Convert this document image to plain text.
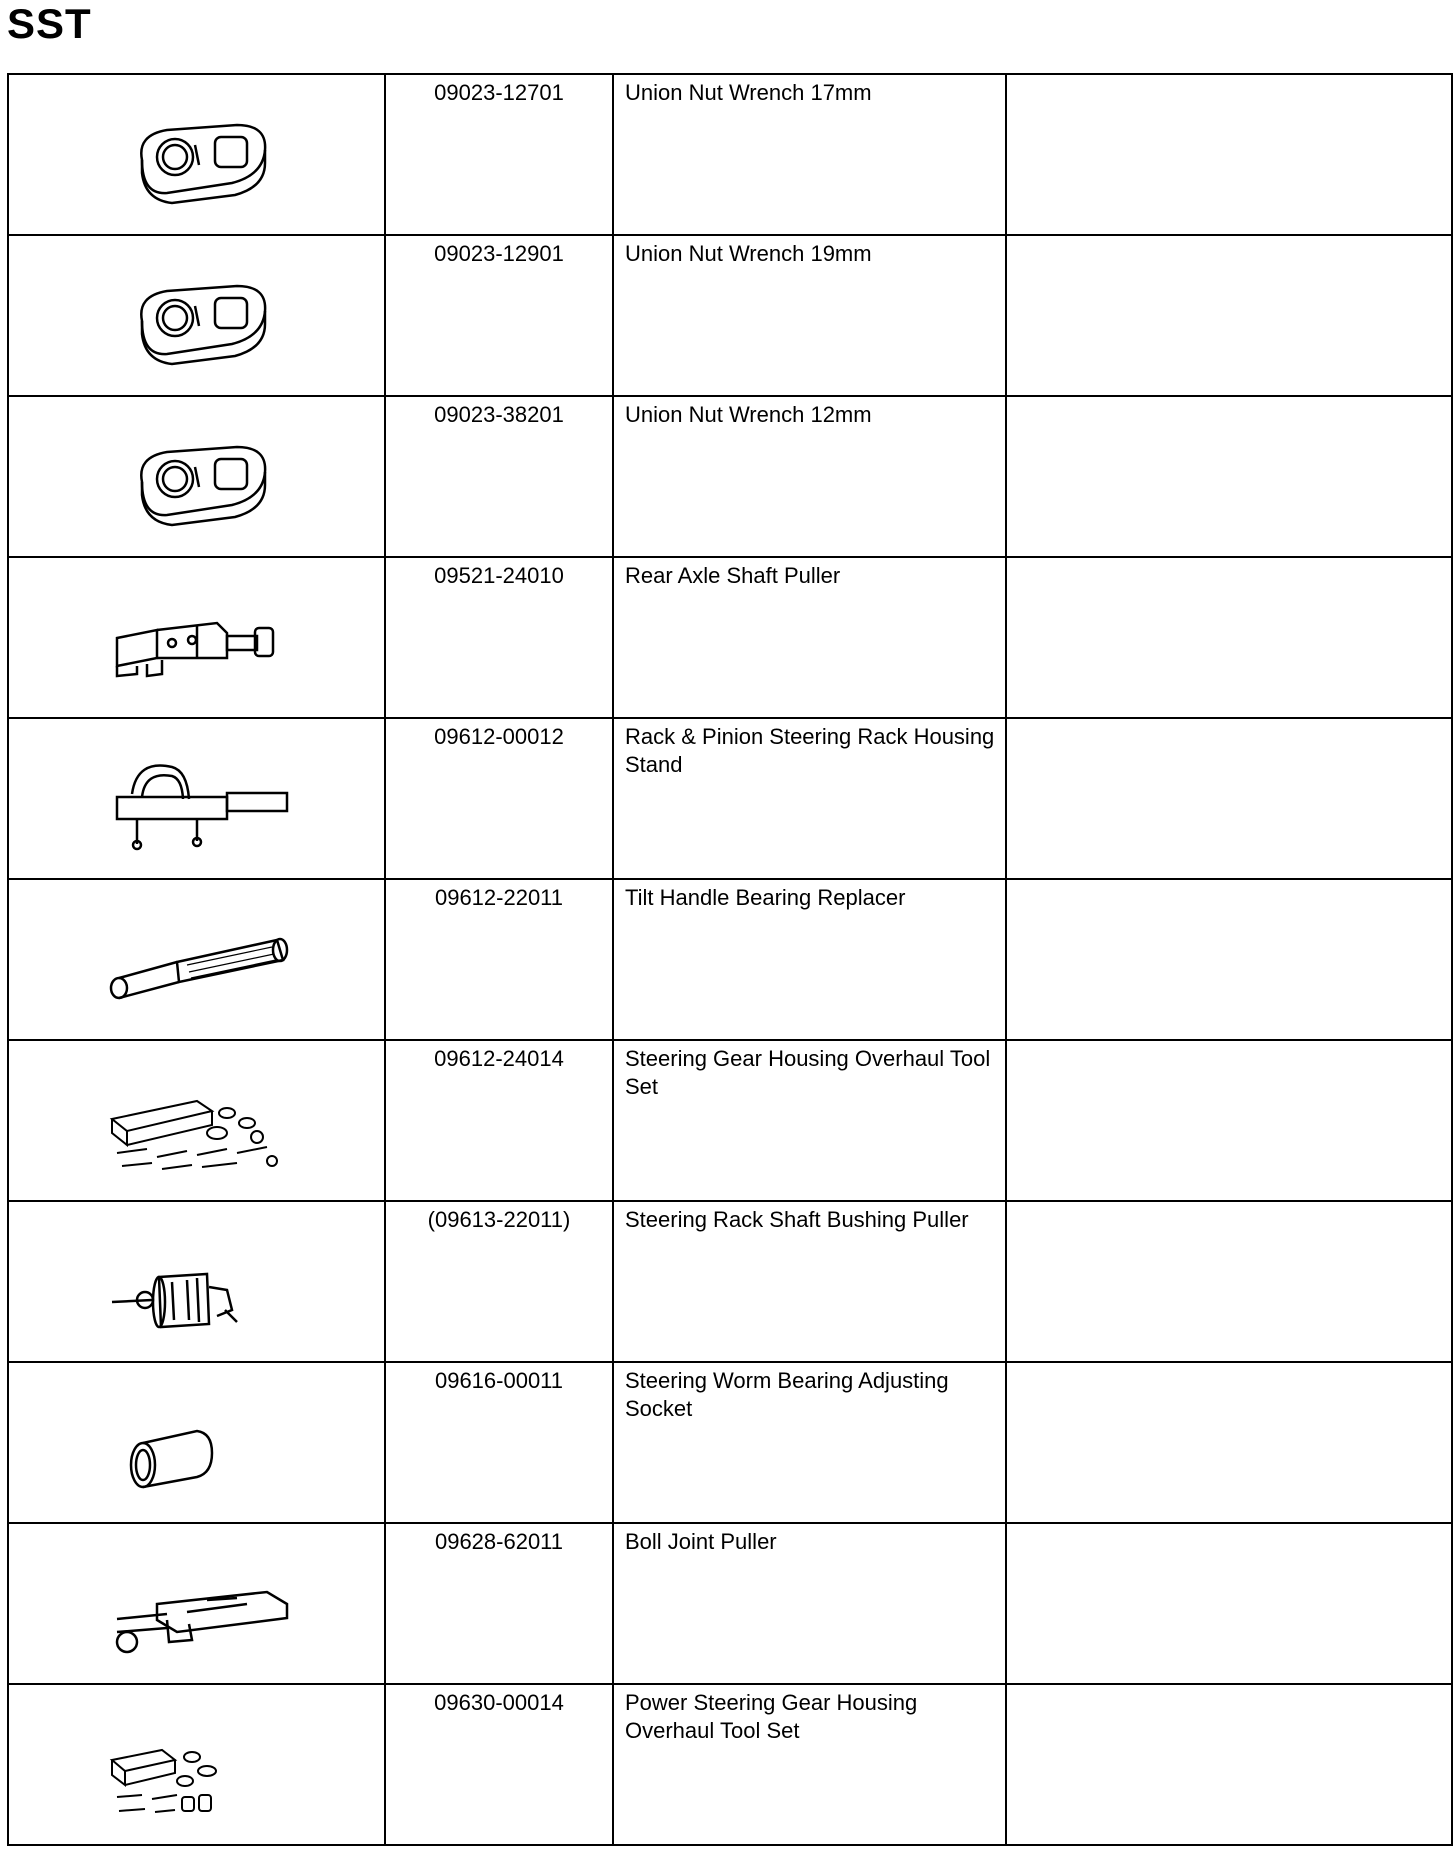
SST

09023-12701	Union Nut Wrench 17mm	

09023-12901	Union Nut Wrench 19mm	

09023-38201	Union Nut Wrench 12mm	

09521-24010	Rear Axle Shaft Puller	

09612-00012	Rack & Pinion Steering Rack Housing Stand	

09612-22011	Tilt Handle Bearing Replacer	

09612-24014	Steering Gear Housing Overhaul Tool Set	

(09613-22011)	Steering Rack Shaft Bushing Puller	

09616-00011	Steering Worm Bearing Adjusting Socket	

09628-62011	Boll Joint Puller	

09630-00014	Power Steering Gear Housing Overhaul Tool Set	
